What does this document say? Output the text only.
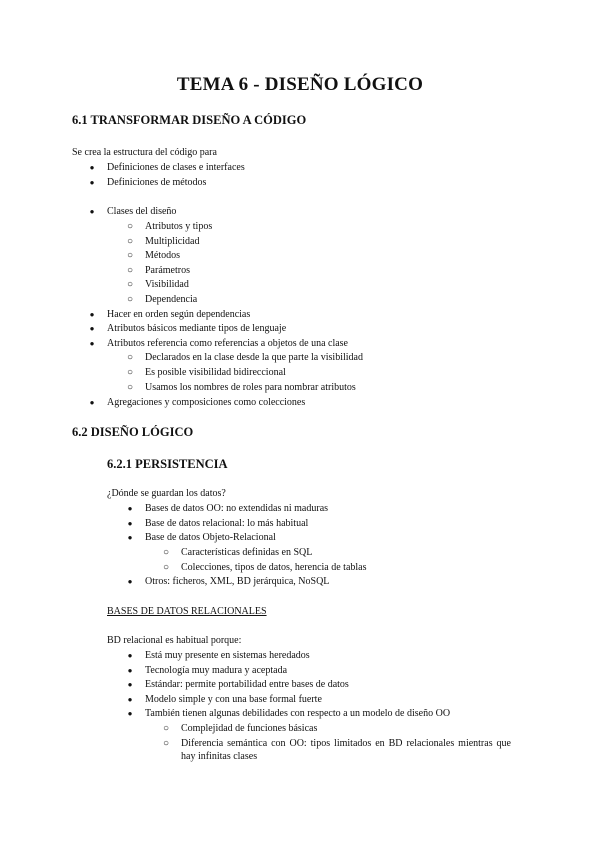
TEMA 6 - DISEÑO LÓGICO
6.1 TRANSFORMAR DISEÑO A CÓDIGO
Se crea la estructura del código para
● Definiciones de clases e interfaces
● Definiciones de métodos
● Clases del diseño
○ Atributos y tipos
○ Multiplicidad
○ Métodos
○ Parámetros
○ Visibilidad
○ Dependencia
● Hacer en orden según dependencias
● Atributos básicos mediante tipos de lenguaje
● Atributos referencia como referencias a objetos de una clase
○ Declarados en la clase desde la que parte la visibilidad
○ Es posible visibilidad bidireccional
○ Usamos los nombres de roles para nombrar atributos
● Agregaciones y composiciones como colecciones
6.2 DISEÑO LÓGICO
6.2.1 PERSISTENCIA
¿Dónde se guardan los datos?
● Bases de datos OO: no extendidas ni maduras
● Base de datos relacional: lo más habitual
● Base de datos Objeto-Relacional
○ Características definidas en SQL
○ Colecciones, tipos de datos, herencia de tablas
● Otros: ficheros, XML, BD jerárquica, NoSQL
BASES DE DATOS RELACIONALES
BD relacional es habitual porque:
● Está muy presente en sistemas heredados
● Tecnología muy madura y aceptada
● Estándar: permite portabilidad entre bases de datos
● Modelo simple y con una base formal fuerte
● También tienen algunas debilidades con respecto a un modelo de diseño OO
○ Complejidad de funciones básicas
○ Diferencia semántica con OO: tipos limitados en BD relacionales mientras que hay infinitas clases
